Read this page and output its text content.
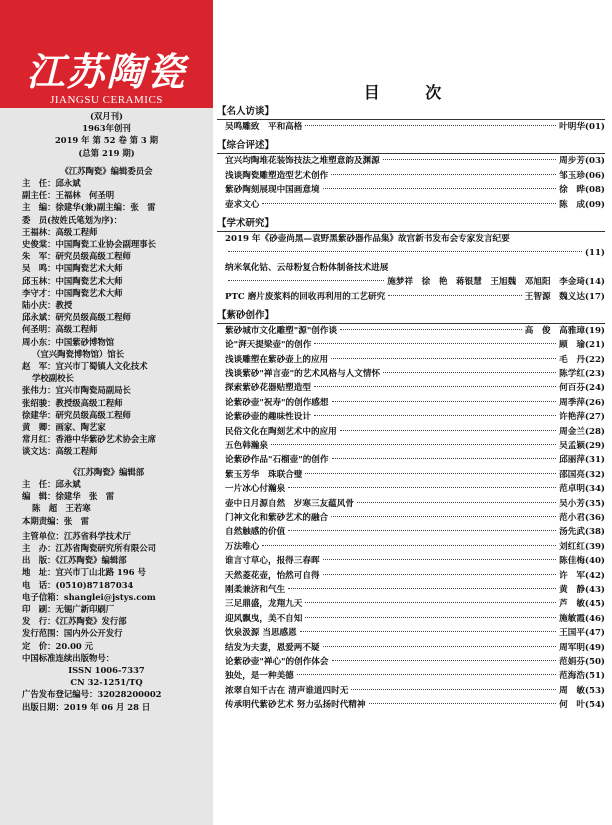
江苏陶瓷
JIANGSU CERAMICS
(双月刊)
1963年创刊
2019 年 第 52 卷 第 3 期
(总第 219 期)
《江苏陶瓷》编辑委员会
主　任：邱永斌
副主任：王福林　何圣明
主　编：徐建华(兼)副主编：张　雷
委　员(按姓氏笔划为序)：
王福林：高级工程师
史俊棠：中国陶瓷工业协会副理事长
朱　军：研究员级高级工程师
吴　鸣：中国陶瓷艺术大师
邱玉林：中国陶瓷艺术大师
李守才：中国陶瓷艺术大师
陆小庆：教授
邱永斌：研究员级高级工程师
何圣明：高级工程师
周小东：中国紫砂博物馆
（宜兴陶瓷博物馆）馆长
赵　军：宜兴市丁蜀镇人文化技术
学校副校长
张伟力：宜兴市陶瓷局副局长
张绍骏：教授级高级工程师
徐建华：研究员级高级工程师
黄　卿：画家、陶艺家
常月红：香港中华紫砂艺术协会主席
谈文达：高级工程师
《江苏陶瓷》编辑部
主　任：邱永斌
编　辑：徐建华　张　雷
陈　超　王若寒
本期责编：张　雷
主管单位：江苏省科学技术厅
主　办：江苏省陶瓷研究所有限公司
出　版：《江苏陶瓷》编辑部
地　址：宜兴市丁山北路 196 号
电　话：(0510)87187034
电子信箱：shanglei@jstys.com
印　刷：无锡广新印刷厂
发　行：《江苏陶瓷》发行部
发行范围：国内外公开发行
定　价：20.00 元
中国标准连续出版物号：
ISSN 1006-7337
CN 32-1251/TQ
广告发布登记编号：32028200002
出版日期：2019 年 06 月 28 日
目 次
【名人访谈】
吴鸣雕致　平和高格	叶明华(01)
【综合评述】
宜兴均陶堆花装饰技法之堆塑意韵及渊源	周步芳(03)
浅谈陶瓷雕塑造型艺术创作	邹玉珍(06)
紫砂陶刻展现中国画意境	徐　晔(08)
壶求文心	陈　成(09)
【学术研究】
2019 年《砂壶尚黑—袁野黑紫砂器作品集》故宫新书发布会专家发言纪要
(11)
纳米氧化钴、云母粉复合粉体制备技术进展
施梦祥　徐　艳　蒋银慧　王旭魏　邓旭阳　李金琦(14)
PTC 磨片废浆料的回收再利用的工艺研究	王智源　魏义达(17)
【紫砂创作】
紫砂城市文化雕塑"源"创作谈	高　俊　高雅璋(19)
论"湃天提梁壶"的创作	顾　瑜(21)
浅谈雕塑在紫砂壶上的应用	毛　丹(22)
浅谈紫砂"禅言壶"的艺术风格与人文情怀	陈学红(23)
探索紫砂花器贴塑造型	何百芬(24)
论紫砂壶"祝寿"的创作感想	周季萍(26)
论紫砂壶的趣味性设计	许艳萍(27)
民俗文化在陶刻艺术中的应用	周金兰(28)
五色韩瀚泉	吴孟颖(29)
论紫砂作品"石榴壶"的创作	邱丽萍(31)
紫玉芳华　珠联合璧	邵国亮(32)
一片冰心付瀚泉	范卓明(34)
壶中日月源自然　岁寒三友蕴风骨	吴小芳(35)
门神文化和紫砂艺术的融合	范小君(36)
自然触感的价值	汤先武(38)
万法唯心	刘红红(39)
谁言寸草心，报得三春晖	陈佳梅(40)
天然菱花壶，怡然可自得	许　军(42)
刚柔兼济和气生	黄　静(43)
三足鼎盛，龙翔九天	芦　敏(45)
迎风飘曳，美不自知	施敏霞(46)
饮泉汲源 当思感恩	王国平(47)
结发为夫妻，恩爱两不疑	周军明(49)
论紫砂壶"禅心"的创作体会	范娟芬(50)
独处，是一种美德	范海浩(51)
浓翠自知千古在 清声谁道四时无	周　敏(53)
传承明代紫砂艺术 努力弘扬时代精神	何　叶(54)
